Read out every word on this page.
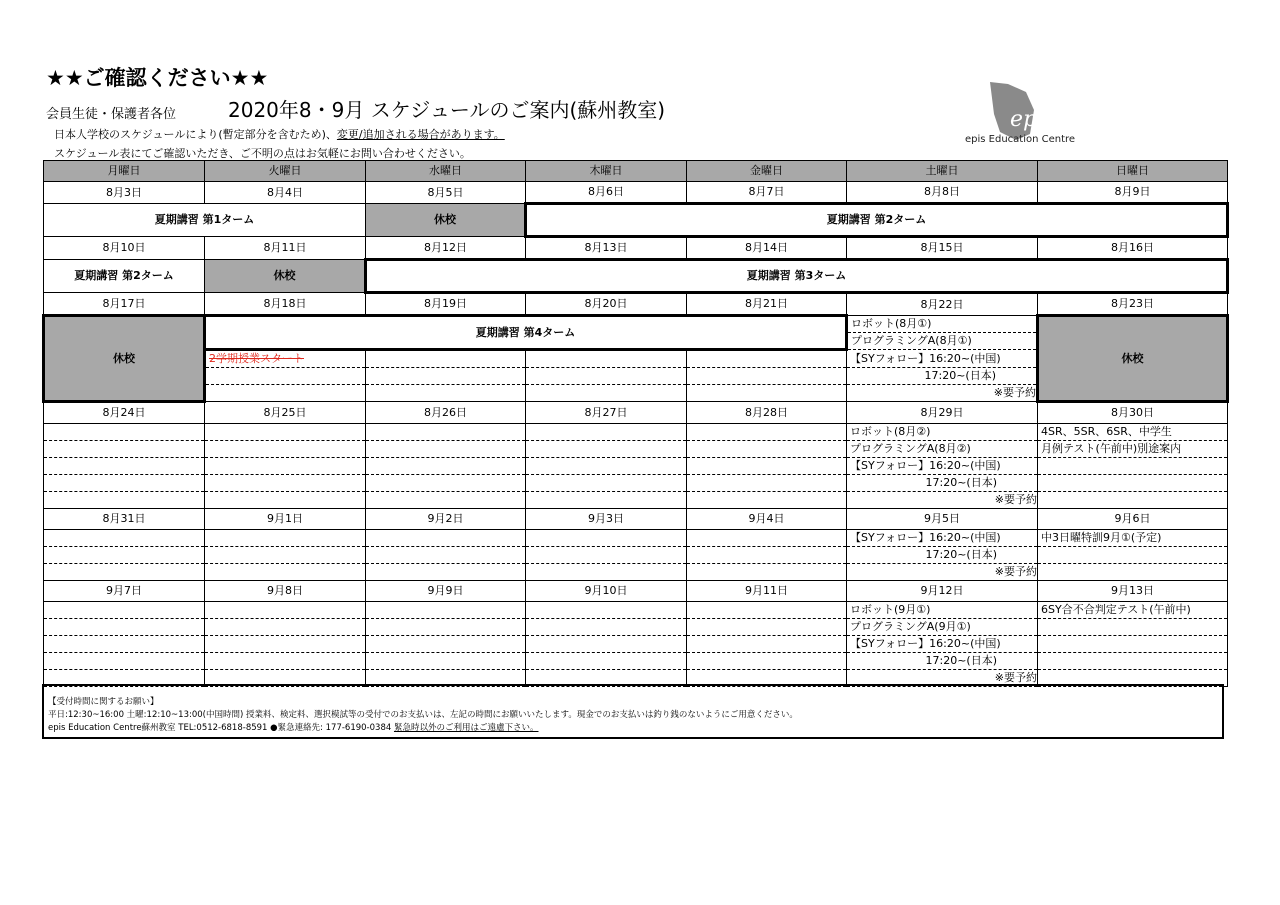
★★ご確認ください★★
会員生徒・保護者各位	2020年8・9月 スケジュールのご案内(蘇州教室)
日本人学校のスケジュールにより(暫定部分を含むため)、変更/追加される場合があります。
スケジュール表にてご確認いただき、ご不明の点はお気軽にお問い合わせください。
epis
epis Education Centre
月曜日	火曜日	水曜日	木曜日	金曜日	土曜日	日曜日
8月3日	8月4日	8月5日	8月6日	8月7日	8月8日	8月9日
夏期講習 第1ターム		休校	夏期講習 第2ターム			
8月10日	8月11日	8月12日	8月13日	8月14日	8月15日	8月16日
夏期講習 第2ターム	休校	夏期講習 第3ターム				
8月17日	8月18日	8月19日	8月20日	8月21日	8月22日	8月23日
休校	夏期講習 第4ターム				ロボット(8月①)	休校
					プログラミングA(8月①)	
	2学期授業スタート				【SYフォロー】16:20~(中国)	
					17:20~(日本)	
					※要予約	
8月24日	8月25日	8月26日	8月27日	8月28日	8月29日	8月30日
					ロボット(8月②)	4SR、5SR、6SR、中学生
					プログラミングA(8月②)	月例テスト(午前中)別途案内
					【SYフォロー】16:20~(中国)	
					17:20~(日本)	
					※要予約	
8月31日	9月1日	9月2日	9月3日	9月4日	9月5日	9月6日
					【SYフォロー】16:20~(中国)	中3日曜特訓9月①(予定)
					17:20~(日本)	
					※要予約	
9月7日	9月8日	9月9日	9月10日	9月11日	9月12日	9月13日
					ロボット(9月①)	6SY合不合判定テスト(午前中)
					プログラミングA(9月①)	
					【SYフォロー】16:20~(中国)	
					17:20~(日本)	
					※要予約	
【受付時間に関するお願い】
平日:12:30~16:00 土曜:12:10~13:00(中国時間) 授業料、検定料、選択模試等の受付でのお支払いは、左記の時間にお願いいたします。現金でのお支払いは釣り銭のないようにご用意ください。
epis Education Centre蘇州教室 TEL:0512-6818-8591 ●緊急連絡先: 177-6190-0384 緊急時以外のご利用はご遠慮下さい。
